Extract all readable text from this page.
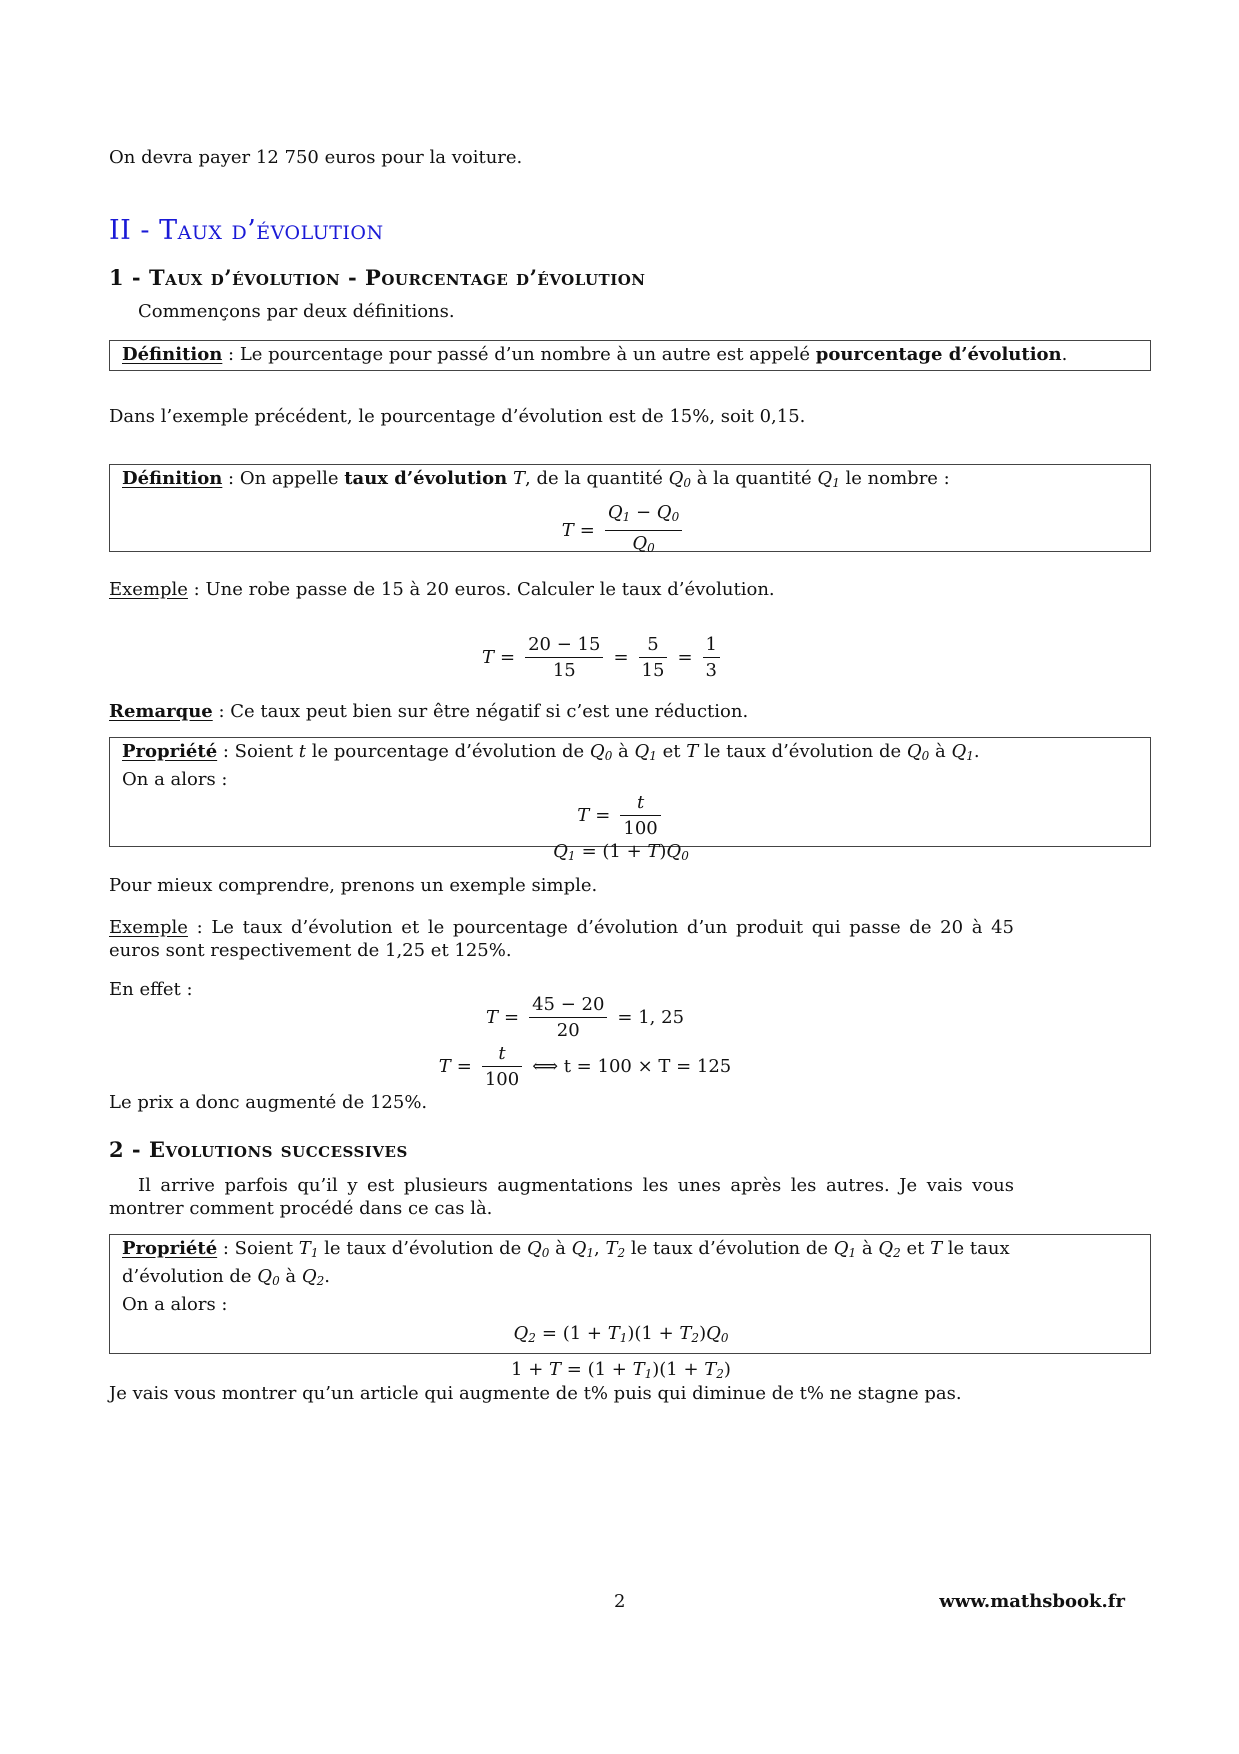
On devra payer 12 750 euros pour la voiture.

II - Taux d’évolution
1 - Taux d’évolution - Pourcentage d’évolution

Commençons par deux définitions.

Définition : Le pourcentage pour passé d’un nombre à un autre est appelé pourcentage d’évolution.

Dans l’exemple précédent, le pourcentage d’évolution est de 15%, soit 0,15.

Définition : On appelle taux d’évolution T, de la quantité $Q_0$ à la quantité $Q_1$ le nombre :
$T = \frac{Q_1 - Q_0}{Q_0}$

Exemple : Une robe passe de 15 à 20 euros. Calculer le taux d’évolution.

$T = \frac{20 - 15}{15} = \frac{5}{15} = \frac{1}{3}$

Remarque : Ce taux peut bien sur être négatif si c’est une réduction.

Propriété : Soient t le pourcentage d’évolution de $Q_0$ à $Q_1$ et T le taux d’évolution de $Q_0$ à $Q_1$.
On a alors :
$T = \frac{t}{100}$
$Q_1 = (1 + T)Q_0$

Pour mieux comprendre, prenons un exemple simple.

Exemple : Le taux d’évolution et le pourcentage d’évolution d’un produit qui passe de 20 à 45 euros sont respectivement de 1,25 et 125%.

En effet :

$T = \frac{45 - 20}{20} = 1$, 25
$T = \frac{t}{100}$ ⟺ t = 100 × T = 125

Le prix a donc augmenté de 125%.

2 - Evolutions successives

Il arrive parfois qu’il y est plusieurs augmentations les unes après les autres. Je vais vous montrer comment procédé dans ce cas là.

Propriété : Soient $T_1$ le taux d’évolution de $Q_0$ à $Q_1$, $T_2$ le taux d’évolution de $Q_1$ à $Q_2$ et T le taux d’évolution de $Q_0$ à $Q_2$.
On a alors :
$Q_2 = (1 + T_1)(1 + T_2)Q_0$
$1 + T = (1 + T_1)(1 + T_2)$

Je vais vous montrer qu’un article qui augmente de t% puis qui diminue de t% ne stagne pas.

2	www.mathsbook.fr
